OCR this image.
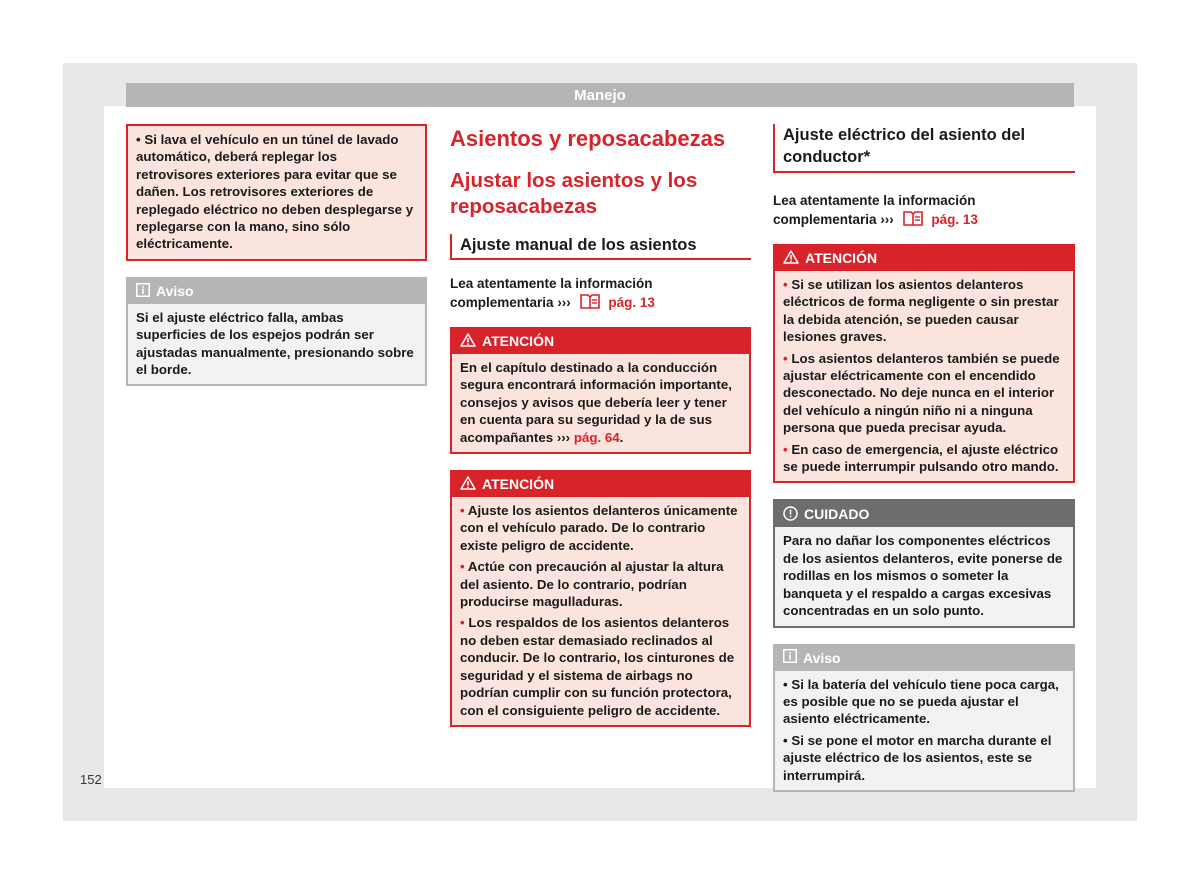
Manejo
152

• Si lava el vehículo en un túnel de lavado automático, deberá replegar los retrovisores exteriores para evitar que se dañen. Los retrovisores exteriores de replegado eléctrico no deben desplegarse y replegarse con la mano, sino sólo eléctricamente.

Aviso

Si el ajuste eléctrico falla, ambas superficies de los espejos podrán ser ajustadas manualmente, presionando sobre el borde.

Asientos y reposacabezas
Ajustar los asientos y los reposacabezas
Ajuste manual de los asientos

Lea atentamente la información complementaria ›››	pág. 13

ATENCIÓN

En el capítulo destinado a la conducción segura encontrará información importante, consejos y avisos que debería leer y tener en cuenta para su seguridad y la de sus acompañantes ››› pág. 64.

ATENCIÓN

• Ajuste los asientos delanteros únicamente con el vehículo parado. De lo contrario existe peligro de accidente.

• Actúe con precaución al ajustar la altura del asiento. De lo contrario, podrían producirse magulladuras.

• Los respaldos de los asientos delanteros no deben estar demasiado reclinados al conducir. De lo contrario, los cinturones de seguridad y el sistema de airbags no podrían cumplir con su función protectora, con el consiguiente peligro de accidente.

Ajuste eléctrico del asiento del conductor*

Lea atentamente la información complementaria ›››	pág. 13

ATENCIÓN

• Si se utilizan los asientos delanteros eléctricos de forma negligente o sin prestar la debida atención, se pueden causar lesiones graves.

• Los asientos delanteros también se puede ajustar eléctricamente con el encendido desconectado. No deje nunca en el interior del vehículo a ningún niño ni a ninguna persona que pueda precisar ayuda.

• En caso de emergencia, el ajuste eléctrico se puede interrumpir pulsando otro mando.

CUIDADO

Para no dañar los componentes eléctricos de los asientos delanteros, evite ponerse de rodillas en los mismos o someter la banqueta y el respaldo a cargas excesivas concentradas en un solo punto.

Aviso

• Si la batería del vehículo tiene poca carga, es posible que no se pueda ajustar el asiento eléctricamente.

• Si se pone el motor en marcha durante el ajuste eléctrico de los asientos, este se interrumpirá.
